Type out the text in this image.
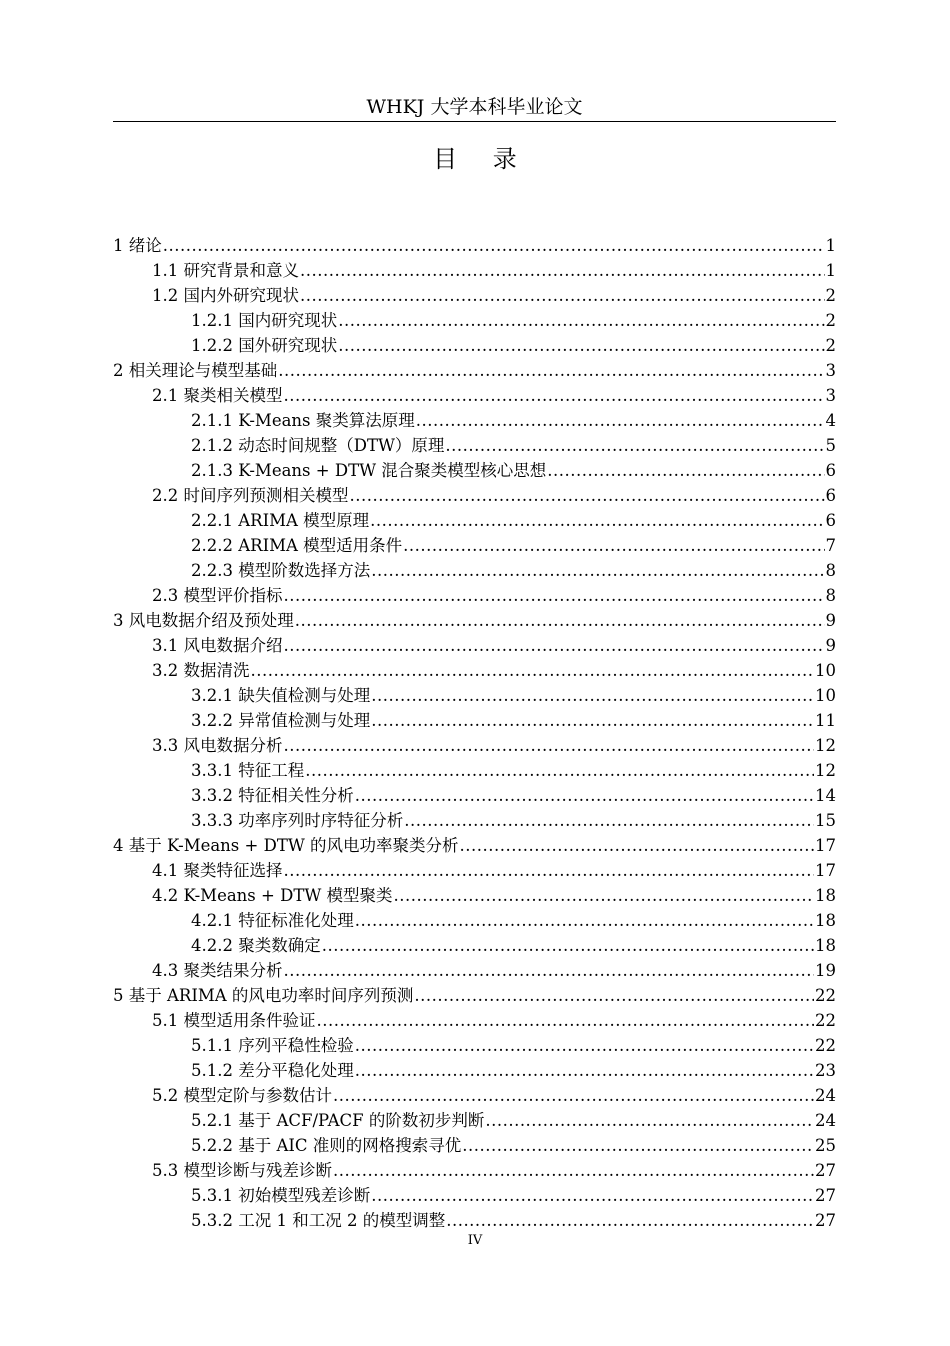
WHKJ 大学本科毕业论文
目 录
1 绪论 .....	1
1.1 研究背景和意义 .....	1
1.2 国内外研究现状 .....	2
1.2.1 国内研究现状 .....	2
1.2.2 国外研究现状 .....	2
2 相关理论与模型基础 .....	3
2.1 聚类相关模型 .....	3
2.1.1 K-Means 聚类算法原理 .....	4
2.1.2 动态时间规整（DTW）原理 .....	5
2.1.3 K-Means + DTW 混合聚类模型核心思想 .....	6
2.2 时间序列预测相关模型 .....	6
2.2.1 ARIMA 模型原理 .....	6
2.2.2 ARIMA 模型适用条件 .....	7
2.2.3 模型阶数选择方法 .....	8
2.3 模型评价指标 .....	8
3 风电数据介绍及预处理 .....	9
3.1 风电数据介绍 .....	9
3.2 数据清洗 .....	10
3.2.1 缺失值检测与处理 .....	10
3.2.2 异常值检测与处理 .....	11
3.3 风电数据分析 .....	12
3.3.1 特征工程 .....	12
3.3.2 特征相关性分析 .....	14
3.3.3 功率序列时序特征分析 .....	15
4 基于 K-Means + DTW 的风电功率聚类分析 .....	17
4.1 聚类特征选择 .....	17
4.2 K-Means + DTW 模型聚类 .....	18
4.2.1 特征标准化处理 .....	18
4.2.2 聚类数确定 .....	18
4.3 聚类结果分析 .....	19
5 基于 ARIMA 的风电功率时间序列预测 .....	22
5.1 模型适用条件验证 .....	22
5.1.1 序列平稳性检验 .....	22
5.1.2 差分平稳化处理 .....	23
5.2 模型定阶与参数估计 .....	24
5.2.1 基于 ACF/PACF 的阶数初步判断 .....	24
5.2.2 基于 AIC 准则的网格搜索寻优 .....	25
5.3 模型诊断与残差诊断 .....	27
5.3.1 初始模型残差诊断 .....	27
5.3.2 工况 1 和工况 2 的模型调整 .....	27
IV
